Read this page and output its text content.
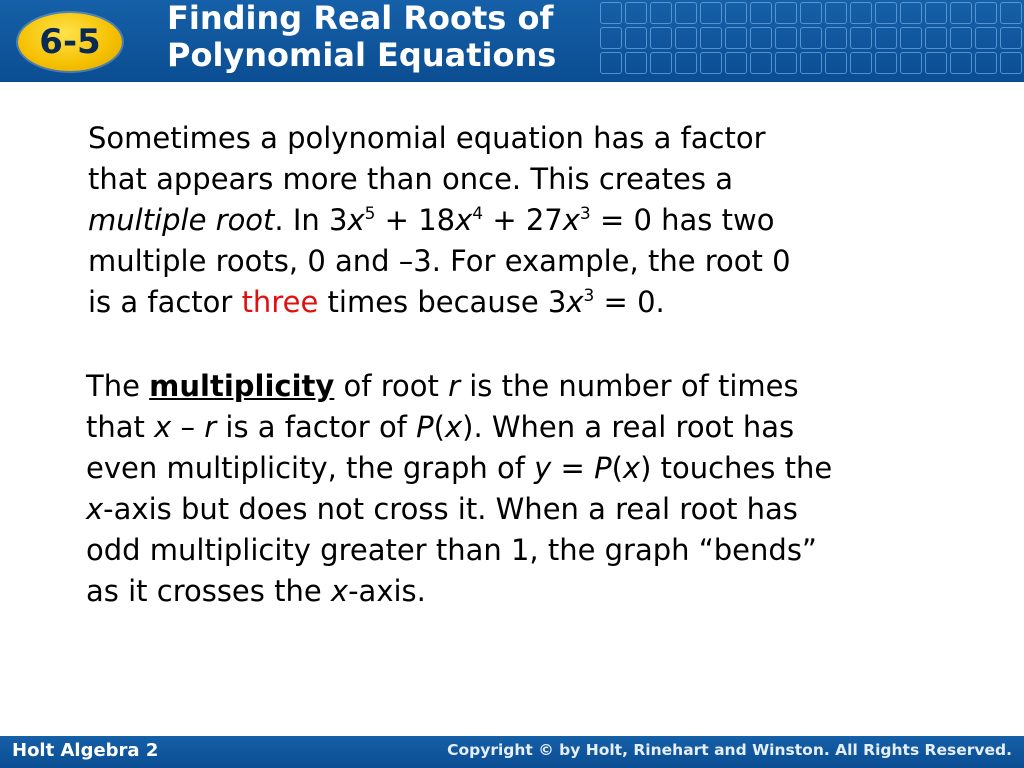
6-5
Finding Real Roots of
Polynomial Equations
Sometimes a polynomial equation has a factor
that appears more than once. This creates a
multiple root. In $3x^5 + 18x^4 + 27x^3 = 0$ has two
multiple roots, 0 and –3. For example, the root 0
is a factor three times because $3x^3 = 0$.
The multiplicity of root r is the number of times
that x – r is a factor of P(x). When a real root has
even multiplicity, the graph of y = P(x) touches the
x-axis but does not cross it. When a real root has
odd multiplicity greater than 1, the graph “bends”
as it crosses the x-axis.
Holt Algebra 2	Copyright © by Holt, Rinehart and Winston. All Rights Reserved.
